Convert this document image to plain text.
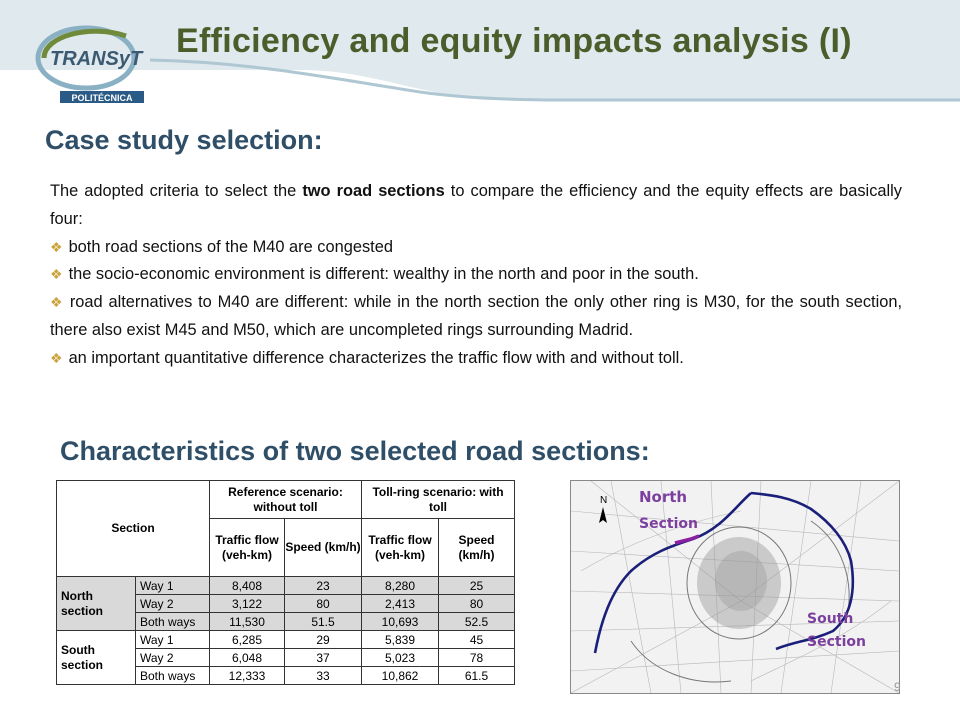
TRANSyT
POLITÉCNICA
Efficiency and equity impacts analysis (I)
Case study selection:

The adopted criteria to select the two road sections to compare the efficiency and the equity effects are basically four:

❖ both road sections of the M40 are congested

❖ the socio-economic environment is different: wealthy in the north and poor in the south.

❖ road alternatives to M40 are different: while in the north section the only other ring is M30, for the south section, there also exist M45 and M50, which are uncompleted rings surrounding Madrid.

❖ an important quantitative difference characterizes the traffic flow with and without toll.

Characteristics of two selected road sections:
Section		Reference scenario: without toll		Toll-ring scenario: with toll	
		Traffic flow (veh-km)	Speed (km/h)	Traffic flow (veh-km)	Speed (km/h)
North section	Way 1	8,408	23	8,280	25
	Way 2	3,122	80	2,413	80
	Both ways	11,530	51.5	10,693	52.5
South section	Way 1	6,285	29	5,839	45
	Way 2	6,048	37	5,023	78
	Both ways	12,333	33	10,862	61.5
N North
Section
South
Section
9
